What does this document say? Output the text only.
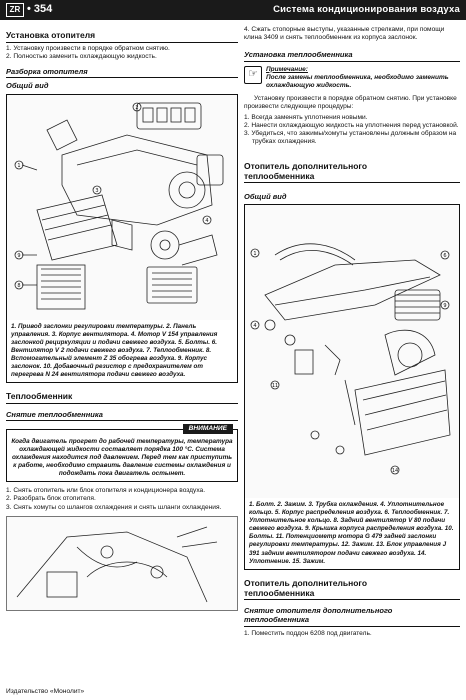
ZR • 354	Система кондиционирования воздуха
Установка отопителя
1. Установку произвести в порядке обратном снятию.
2. Полностью заменить охлаждающую жидкость.
Разборка отопителя
Общий вид
1
9
8
4
2
3
1. Привод заслонки регулировки температуры. 2. Панель управления. 3. Корпус вентилятора. 4. Мотор V 154 управления заслонкой рециркуляции и подачи свежего воздуха. 5. Болты. 6. Вентилятор V 2 подачи свежего воздуха. 7. Теплообменник. 8. Вспомогательный элемент Z 35 обогрева воздуха. 9. Корпус заслонок. 10. Добавочный резистор с предохранителем от перегрева N 24 вентилятора подачи свежего воздуха.
Теплообменник
Снятие теплообменника
ВНИМАНИЕ
Когда двигатель прогрет до рабочей температуры, температура охлаждающей жидкости составляет порядка 100 °C. Система охлаждения находится под давлением. Перед тем как приступить к работе, необходимо стравить давление системы охлаждения и подождать пока двигатель остынет.
1. Снять отопитель или блок отопителя и кондиционера воздуха.
2. Разобрать блок отопителя.
3. Снять хомуты со шлангов охлаждения и снять шланги охлаждения.
4. Сжать стопорные выступы, указанные стрелками, при помощи клина 3409 и снять теплообменник из корпуса заслонок.
Установка теплообменника
☞	Примечание:
После замены теплообменника, необходимо заменить охлаждающую жидкость.
Установку произвести в порядке обратном снятию. При установке произвести следующие процедуры:
1. Всегда заменять уплотнения новыми.
2. Нанести охлаждающую жидкость на уплотнения перед установкой.
3. Убедиться, что зажимы/хомуты установлены должным образом на трубках охлаждения.
Отопитель дополнительного
теплообменника
Общий вид
1
4
6
9
14
11
1. Болт. 2. Зажим. 3. Трубка охлаждения. 4. Уплотнительное кольцо. 5. Корпус распределения воздуха. 6. Теплообменник. 7. Уплотнительное кольцо. 8. Задний вентилятор V 80 подачи свежего воздуха. 9. Крышка корпуса распределения воздуха. 10. Болты. 11. Потенциометр мотора G 479 задней заслонки регулировки температуры. 12. Зажим. 13. Блок управления J 391 задним вентилятором подачи свежего воздуха. 14. Уплотнение. 15. Зажим.
Отопитель дополнительного
теплообменника
Снятие отопителя дополнительного
теплообменника
1. Поместить поддон 6208 под двигатель.
Издательство «Монолит»
